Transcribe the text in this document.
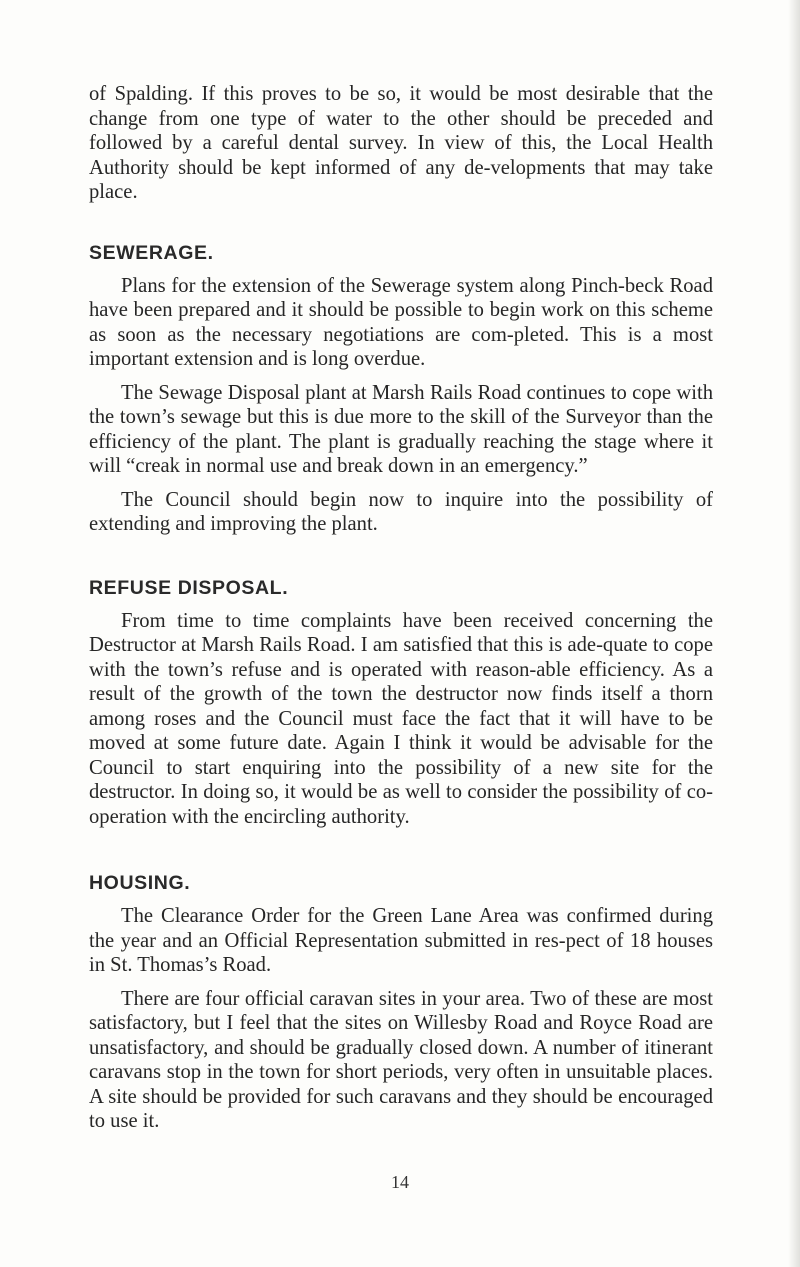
of Spalding. If this proves to be so, it would be most desirable that the change from one type of water to the other should be preceded and followed by a careful dental survey. In view of this, the Local Health Authority should be kept informed of any de-velopments that may take place.

SEWERAGE.

Plans for the extension of the Sewerage system along Pinch-beck Road have been prepared and it should be possible to begin work on this scheme as soon as the necessary negotiations are com-pleted. This is a most important extension and is long overdue.

The Sewage Disposal plant at Marsh Rails Road continues to cope with the town’s sewage but this is due more to the skill of the Surveyor than the efficiency of the plant. The plant is gradually reaching the stage where it will “creak in normal use and break down in an emergency.”

The Council should begin now to inquire into the possibility of extending and improving the plant.

REFUSE DISPOSAL.

From time to time complaints have been received concerning the Destructor at Marsh Rails Road. I am satisfied that this is ade-quate to cope with the town’s refuse and is operated with reason-able efficiency. As a result of the growth of the town the destructor now finds itself a thorn among roses and the Council must face the fact that it will have to be moved at some future date. Again I think it would be advisable for the Council to start enquiring into the possibility of a new site for the destructor. In doing so, it would be as well to consider the possibility of co-operation with the encircling authority.

HOUSING.

The Clearance Order for the Green Lane Area was confirmed during the year and an Official Representation submitted in res-pect of 18 houses in St. Thomas’s Road.

There are four official caravan sites in your area. Two of these are most satisfactory, but I feel that the sites on Willesby Road and Royce Road are unsatisfactory, and should be gradually closed down. A number of itinerant caravans stop in the town for short periods, very often in unsuitable places. A site should be provided for such caravans and they should be encouraged to use it.

14
